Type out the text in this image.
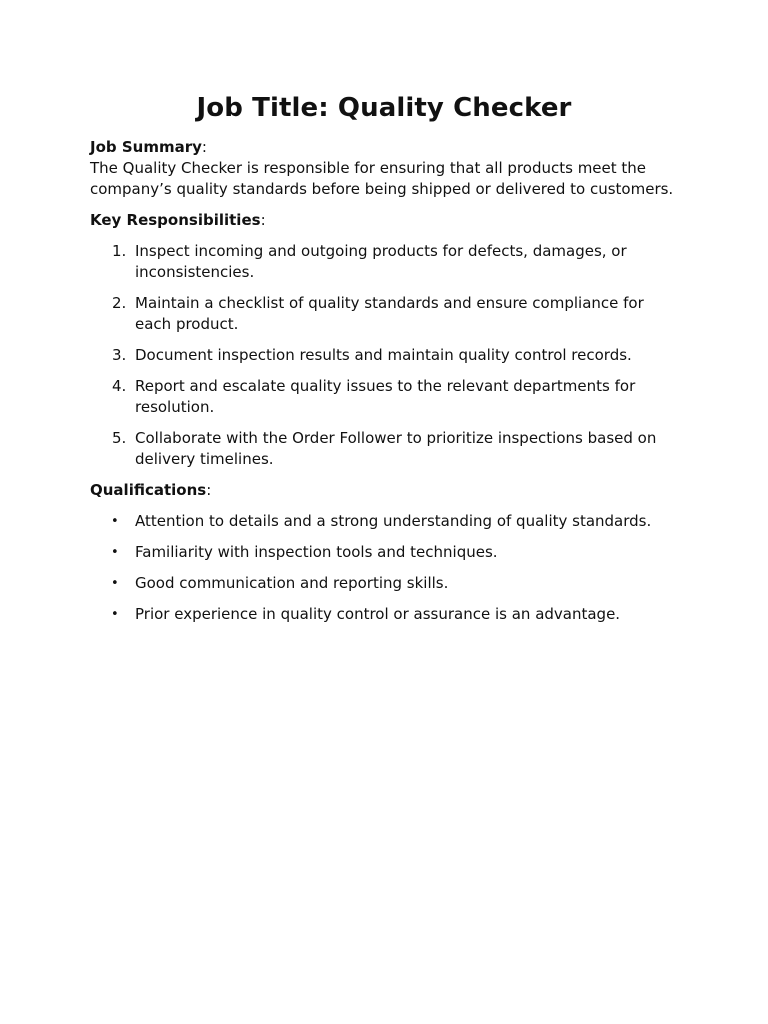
Job Title: Quality Checker

Job Summary:

The Quality Checker is responsible for ensuring that all products meet the company’s quality standards before being shipped or delivered to customers.

Key Responsibilities:

1. Inspect incoming and outgoing products for defects, damages, or inconsistencies.
2. Maintain a checklist of quality standards and ensure compliance for each product.
3. Document inspection results and maintain quality control records.
4. Report and escalate quality issues to the relevant departments for resolution.
5. Collaborate with the Order Follower to prioritize inspections based on delivery timelines.

Qualifications:

•	Attention to details and a strong understanding of quality standards.
•	Familiarity with inspection tools and techniques.
•	Good communication and reporting skills.
•	Prior experience in quality control or assurance is an advantage.
